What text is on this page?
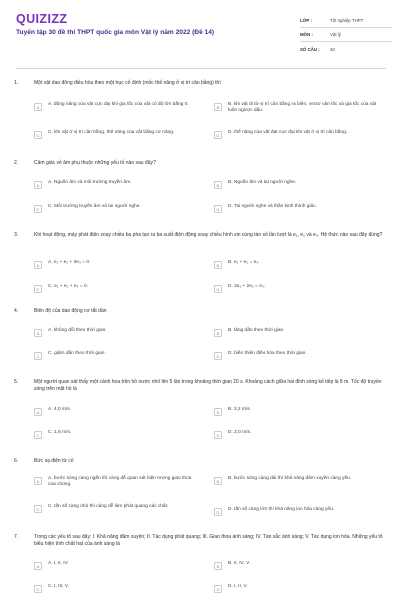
QUIZIZZ
Tuyển tập 30 đề thi THPT quốc gia môn Vật lý năm 2022 (Đề 14)
LỚP :	Tốt nghiệp THPT
MÔN :	Vật lý
SỐ CÂU :	40
1.	Một vật dao động điều hòa theo một trục cố định (mốc thế năng ở vị trí cân bằng) thì
A	A. động năng của vật cực đại khi gia tốc của vật có độ lớn bằng 0.	B	B. khi vật đi từ vị trí cân bằng ra biên, vectơ vận tốc và gia tốc của vật luôn ngược dấu.
C	C. khi vật ở vị trí cân bằng, thế năng của vật bằng cơ năng.	D	D. thế năng của vật đạt cực đại khi vật ở vị trí cân bằng.
2.	Cảm giác về âm phụ thuộc những yếu tố nào sau đây?
A	A. Nguồn âm và môi trường truyền âm.	B	B. Nguồn âm và tai người nghe.
C	C. Môi trường truyền âm và tai người nghe.	D	D. Tai người nghe và thần kinh thính giác.
3.	Khi hoạt động, máy phát điện xoay chiều ba pha tạo ra ba suất điện động xoay chiều hình sin cùng tần số lần lượt là e₁, e₂ và e₃. Hệ thức nào sau đây đúng?
A	A. e₁ + e₂ + 2e₃ = 0.	B	B. e₁ + e₂ = e₃.
C	C. e₁ + e₂ + e₃ = 0.	D	D. 2e₁ + 2e₂ = e₃.
4.	Biên độ của dao động cơ tắt dần
A	A. không đổi theo thời gian.	B	B. tăng dần theo thời gian.
C	C. giảm dần theo thời gian.	D	D. biến thiên điều hòa theo thời gian.
5.	Một người quan sát thấy một cánh hoa trên hồ nước nhô lên 5 lần trong khoảng thời gian 20 s. Khoảng cách giữa hai đỉnh sóng kế tiếp là 8 m. Tốc độ truyền sóng trên mặt hồ là
A	A. 4,0 m/s.	B	B. 3,2 m/s.
C	C. 1,6 m/s.	D	D. 2,0 m/s.
6.	Bức xạ điện từ có
A	A. bước sóng càng ngắn thì càng dễ quan sát hiện tượng giao thoa của chúng.
B	B. bước sóng càng dài thì khả năng đâm xuyên càng yếu.
C	C. tần số càng nhỏ thì càng dễ làm phát quang các chất.
D	D. tần số càng lớn thì khả năng ion hóa càng yếu.
7.	Trong các yếu tố sau đây: I. Khả năng đâm xuyên; II. Tác dụng phát quang; III. Giao thoa ánh sáng; IV. Tán sắc ánh sáng; V. Tác dụng ion hóa. Những yếu tố biểu hiện tính chất hạt của ánh sáng là
A	A. I, II, IV.	B	B. II, IV, V.
C	C. I, III, V.	D	D. I, II, V.
